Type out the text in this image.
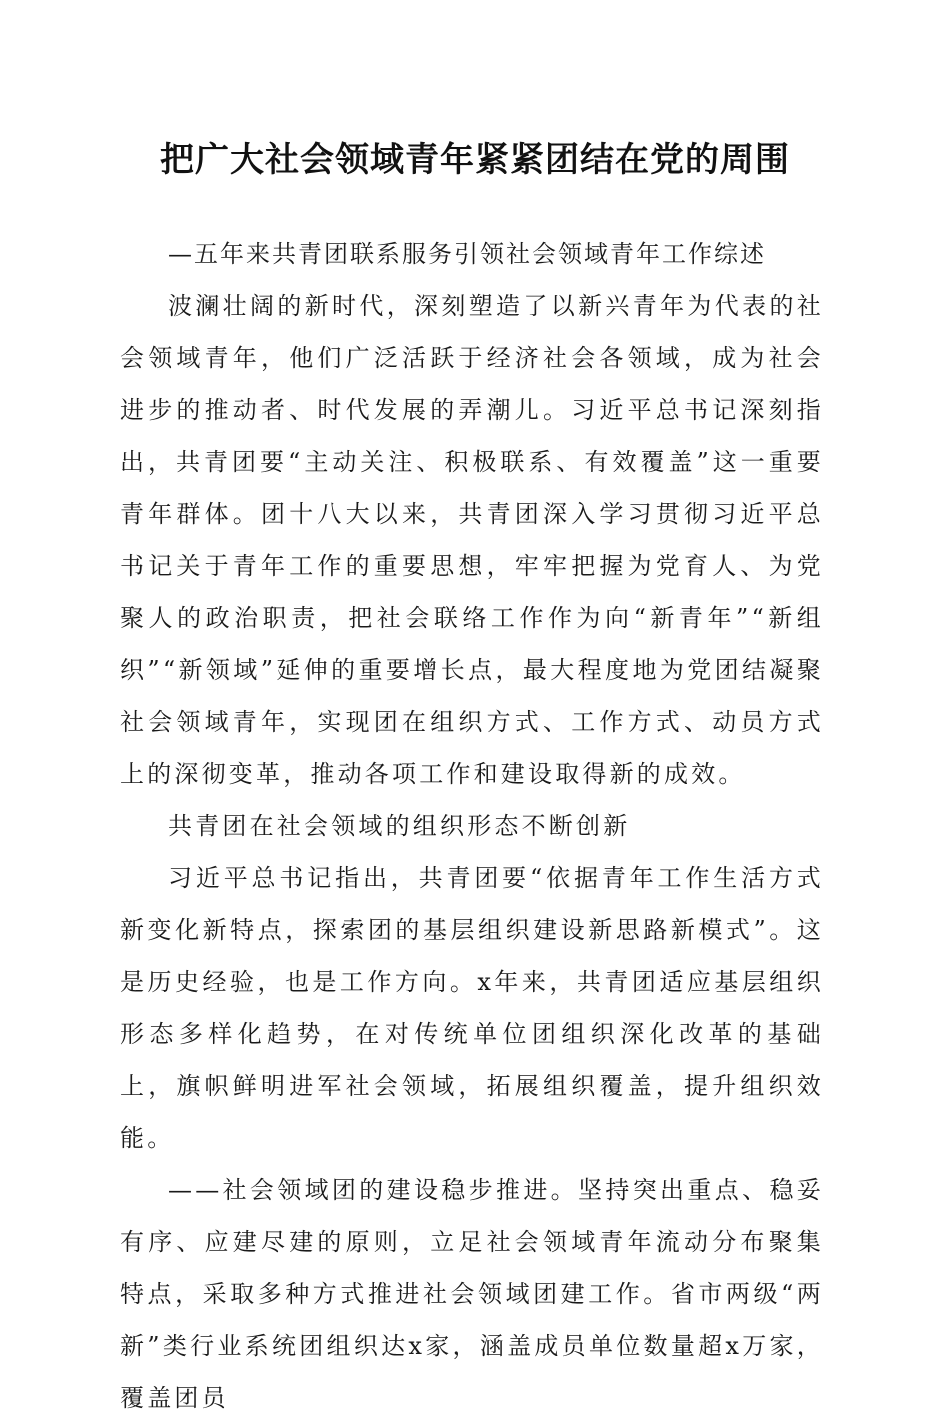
把广大社会领域青年紧紧团结在党的周围

—五年来共青团联系服务引领社会领域青年工作综述

波澜壮阔的新时代，深刻塑造了以新兴青年为代表的社会领域青年，他们广泛活跃于经济社会各领域，成为社会进步的推动者、时代发展的弄潮儿。习近平总书记深刻指出，共青团要“主动关注、积极联系、有效覆盖”这一重要青年群体。团十八大以来，共青团深入学习贯彻习近平总书记关于青年工作的重要思想，牢牢把握为党育人、为党聚人的政治职责，把社会联络工作作为向“新青年”“新组织”“新领域”延伸的重要增长点，最大程度地为党团结凝聚社会领域青年，实现团在组织方式、工作方式、动员方式上的深彻变革，推动各项工作和建设取得新的成效。

共青团在社会领域的组织形态不断创新

习近平总书记指出，共青团要“依据青年工作生活方式新变化新特点，探索团的基层组织建设新思路新模式”。这是历史经验，也是工作方向。x年来，共青团适应基层组织形态多样化趋势，在对传统单位团组织深化改革的基础上，旗帜鲜明进军社会领域，拓展组织覆盖，提升组织效能。

——社会领域团的建设稳步推进。坚持突出重点、稳妥有序、应建尽建的原则，立足社会领域青年流动分布聚集特点，采取多种方式推进社会领域团建工作。省市两级“两新”类行业系统团组织达x家，涵盖成员单位数量超x万家，覆盖团员
